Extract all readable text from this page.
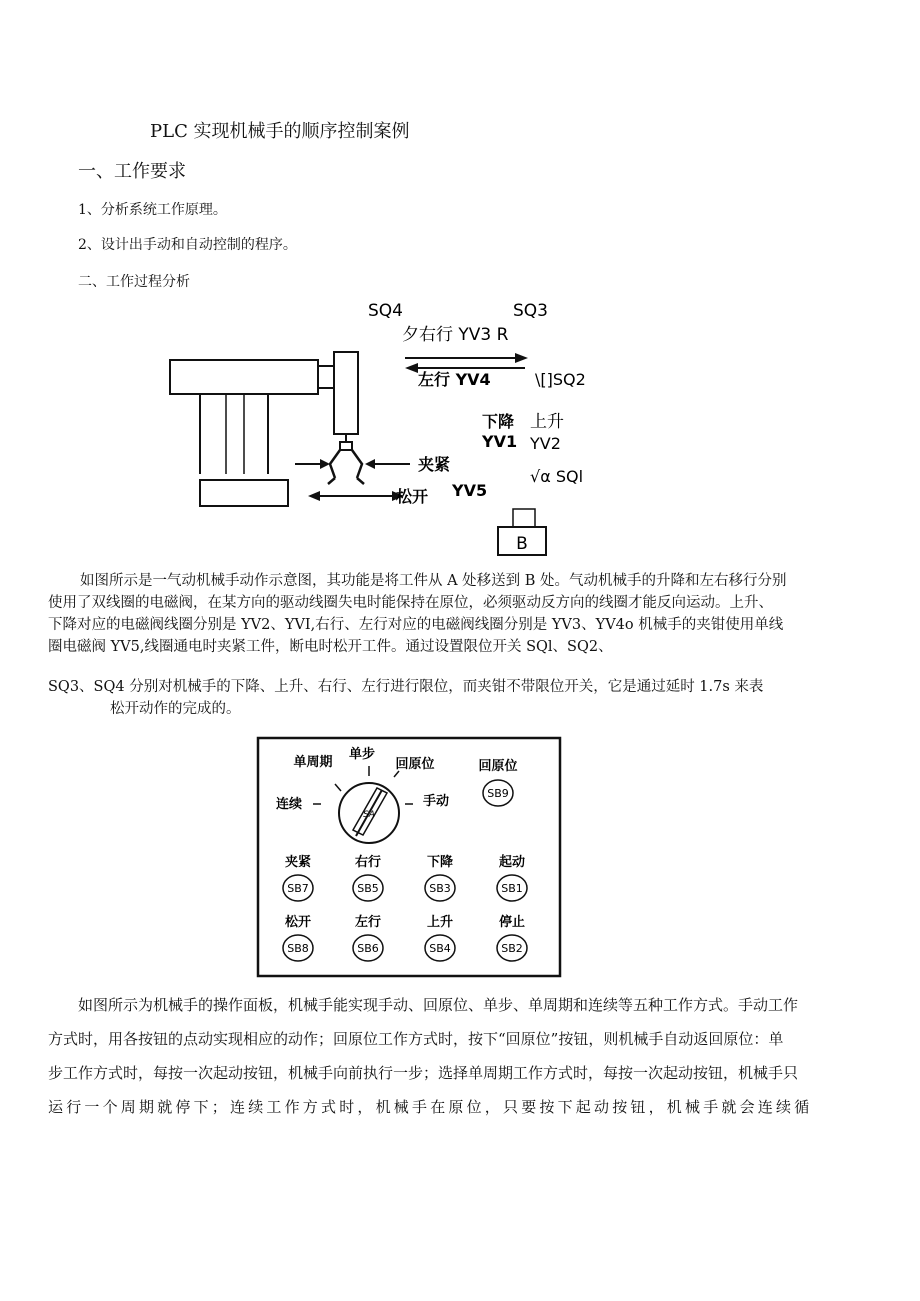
PLC 实现机械手的顺序控制案例
一、工作要求
1、分析系统工作原理。
2、设计出手动和自动控制的程序。
二、工作过程分析
B
SQ4	SQ3
夕右行 YV3 R
左行 YV4	\[]SQ2
下降
YV1
上升
YV2
夹紧
松开 YV5
√α SQl
如图所示是一气动机械手动作示意图，其功能是将工件从 A 处移送到 B 处。气动机械手的升降和左右移行分别
使用了双线圈的电磁阀，在某方向的驱动线圈失电时能保持在原位，必须驱动反方向的线圈才能反向运动。上升、
下降对应的电磁阀线圈分别是 YV2、YVI,右行、左行对应的电磁阀线圈分别是 YV3、YV4o 机械手的夹钳使用单线
圈电磁阀 YV5,线圈通电时夹紧工件，断电时松开工件。通过设置限位开关 SQl、SQ2、
SQ3、SQ4 分别对机械手的下降、上升、右行、左行进行限位，而夹钳不带限位开关，它是通过延时 1.7s 来表
松开动作的完成的。
SA
单周期
单步
回原位
连续	手动
回原位
SB9
夹紧
SB7
右行
SB5
下降
SB3
起动
SB1
松开
SB8
左行
SB6
上升
SB4
停止
SB2
如图所示为机械手的操作面板，机械手能实现手动、回原位、单步、单周期和连续等五种工作方式。手动工作
方式时，用各按钮的点动实现相应的动作；回原位工作方式时，按下“回原位”按钮，则机械手自动返回原位：单
步工作方式时，每按一次起动按钮，机械手向前执行一步；选择单周期工作方式时，每按一次起动按钮，机械手只
运行一个周期就停下；连续工作方式时，机械手在原位，只要按下起动按钮，机械手就会连续循
